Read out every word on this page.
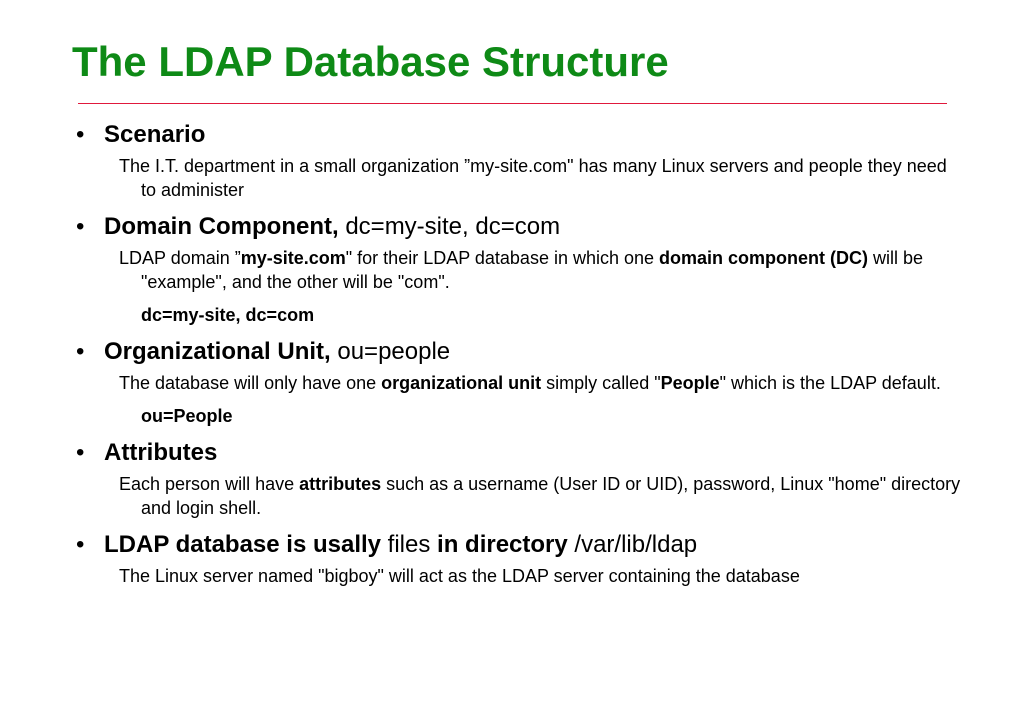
The LDAP Database Structure
• Scenario
The I.T. department in a small organization ”my-site.com" has many Linux servers and people they need to administer
• Domain Component, dc=my-site, dc=com
LDAP domain ”my-site.com" for their LDAP database in which one domain component (DC) will be "example", and the other will be "com".
dc=my-site, dc=com
• Organizational Unit, ou=people
The database will only have one organizational unit simply called "People" which is the LDAP default.
ou=People
• Attributes
Each person will have attributes such as a username (User ID or UID), password, Linux "home" directory and login shell.
• LDAP database is usally files in directory /var/lib/ldap
The Linux server named "bigboy" will act as the LDAP server containing the database
